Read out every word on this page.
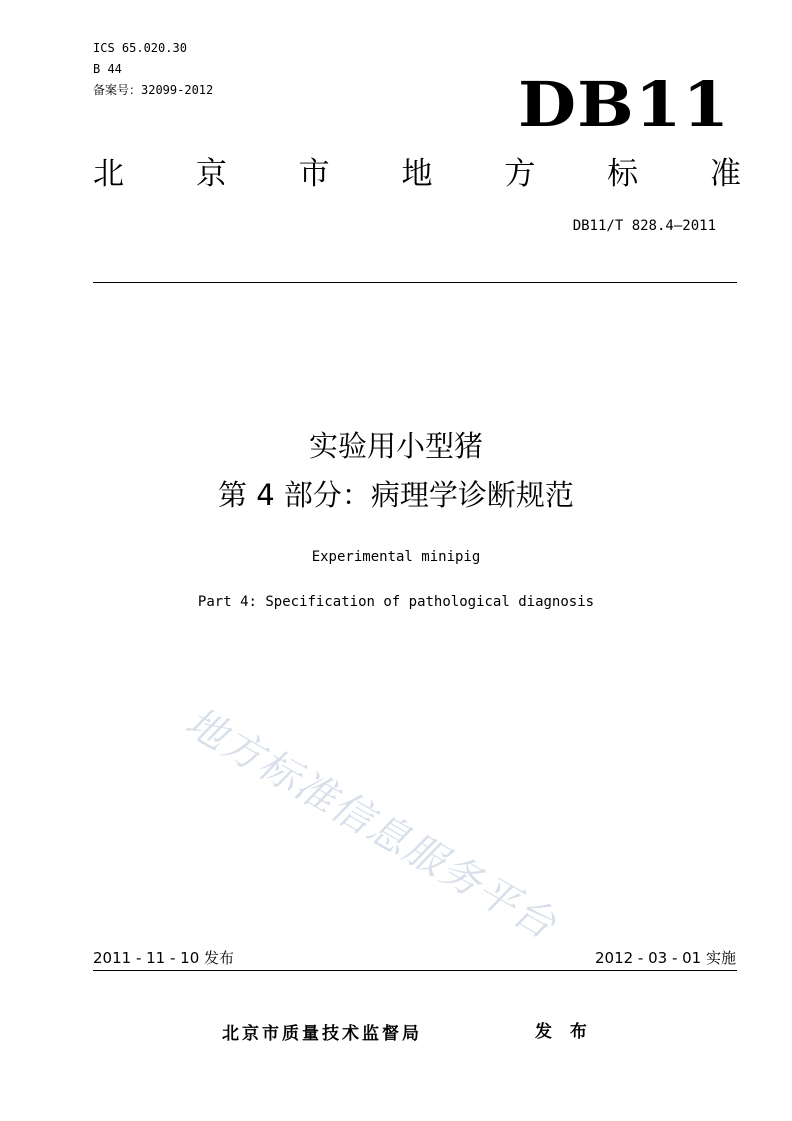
ICS 65.020.30
B 44
备案号：32099-2012	DB11
北 京 市 地 方 标 准
DB11/T 828.4—2011
实验用小型猪
第 4 部分：病理学诊断规范
Experimental minipig
Part 4: Specification of pathological diagnosis
地方标准信息服务平台
2011 - 11 - 10 发布	2012 - 03 - 01 实施
北京市质量技术监督局	发 布
